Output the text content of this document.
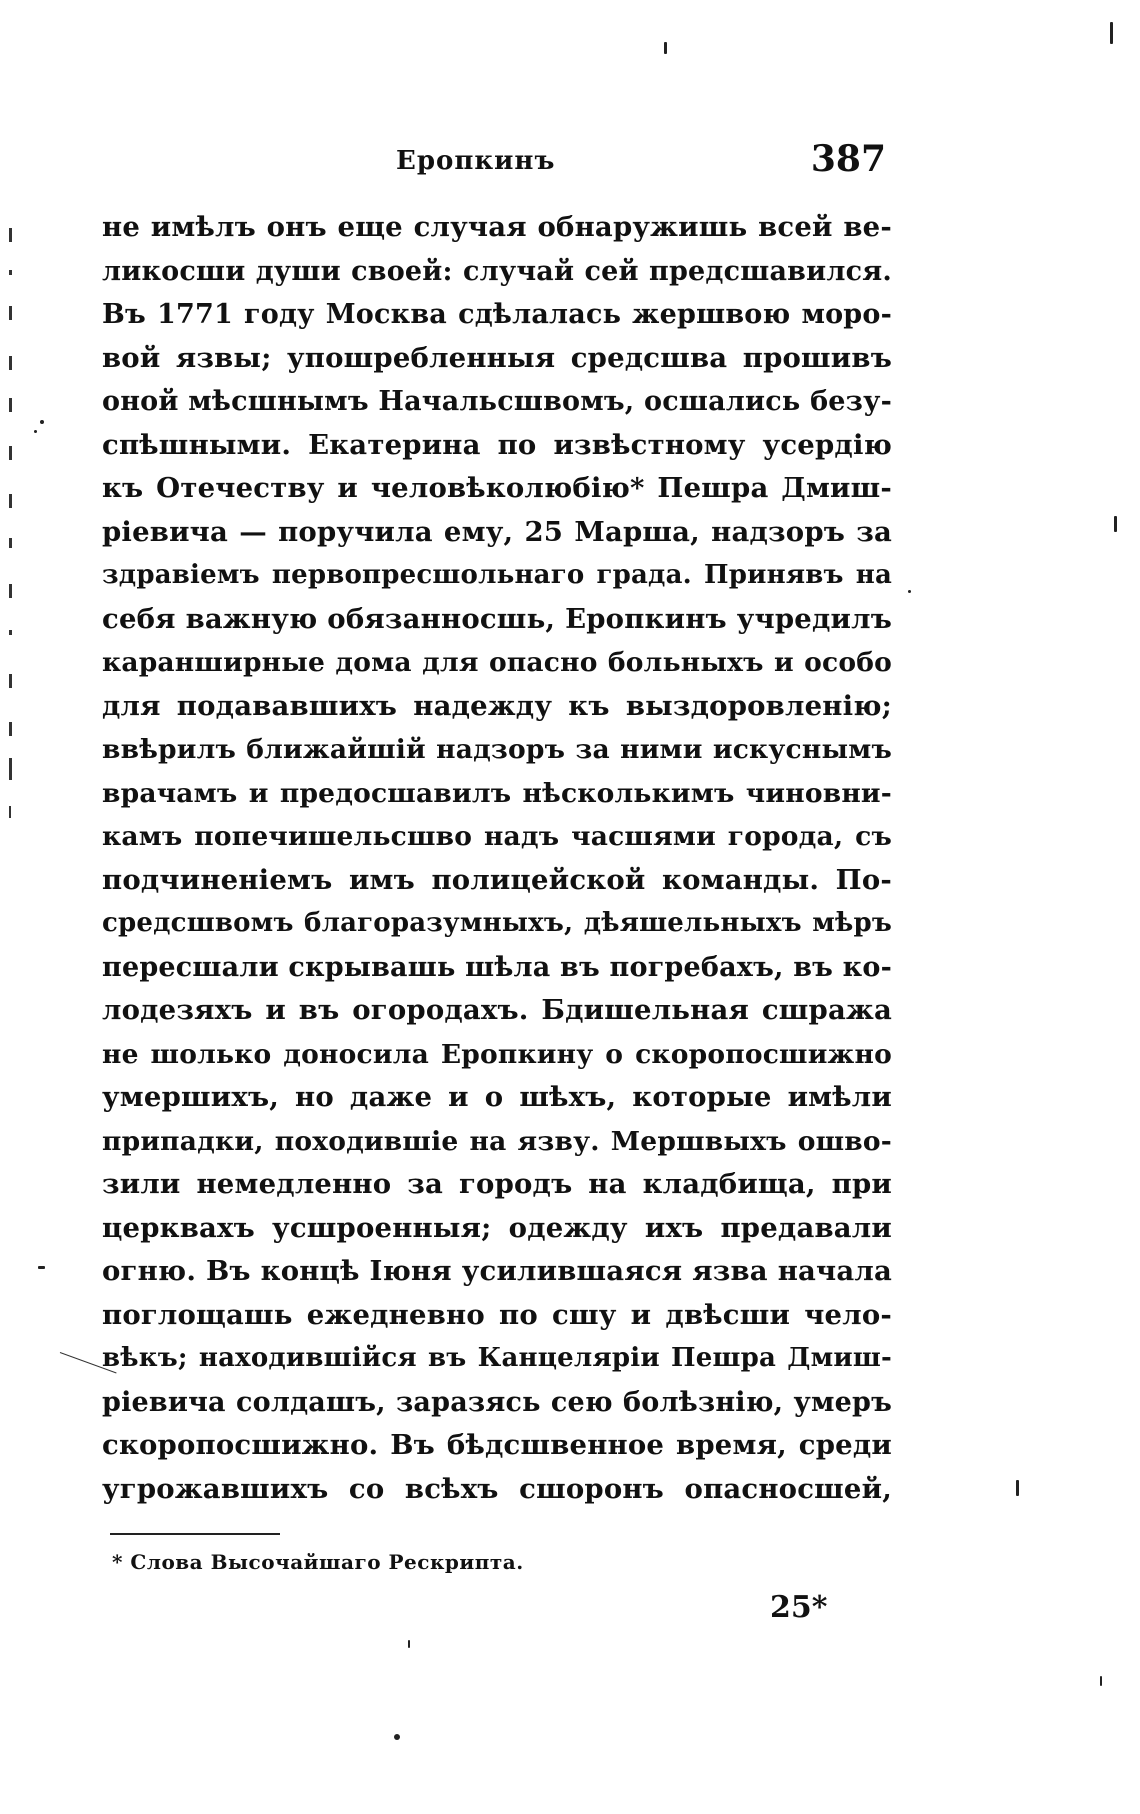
Еропкинъ	387
не имѣлъ онъ еще случая обнаружишь всей ве-
ликосши души своей: случай сей предсшавился.
Въ 1771 году Москва сдѣлалась жершвою моро-
вой язвы; упошребленныя средсшва прошивъ
оной мѣсшнымъ Начальсшвомъ, осшались безу-
спѣшными. Екатерина по извѣстному усердію
къ Отечеству и человѣколюбію* Пешра Дмиш-
ріевича — поручила ему, 25 Марша, надзоръ за
здравіемъ первопресшольнаго града. Принявъ на
себя важную обязанносшь, Еропкинъ учредилъ
каранширные дома для опасно больныхъ и особо
для подававшихъ надежду къ выздоровленію;
ввѣрилъ ближайшій надзоръ за ними искуснымъ
врачамъ и предосшавилъ нѣсколькимъ чиновни-
камъ попечишельсшво надъ часшями города, съ
подчиненіемъ имъ полицейской команды. По-
средсшвомъ благоразумныхъ, дѣяшельныхъ мѣръ
пересшали скрывашь шѣла въ погребахъ, въ ко-
лодезяхъ и въ огородахъ. Бдишельная сшража
не шолько доносила Еропкину о скоропосшижно
умершихъ, но даже и о шѣхъ, которые имѣли
припадки, походившіе на язву. Мершвыхъ ошво-
зили немедленно за городъ на кладбища, при
церквахъ усшроенныя; одежду ихъ предавали
огню. Въ концѣ Іюня усилившаяся язва начала
поглощашь ежедневно по сшу и двѣсши чело-
вѣкъ; находившійся въ Канцеляріи Пешра Дмиш-
ріевича солдашъ, заразясь сею болѣзнію, умеръ
скоропосшижно. Въ бѣдсшвенное время, среди
угрожавшихъ со всѣхъ сшоронъ опасносшей,
* Слова Высочайшаго Рескрипта.
25*
